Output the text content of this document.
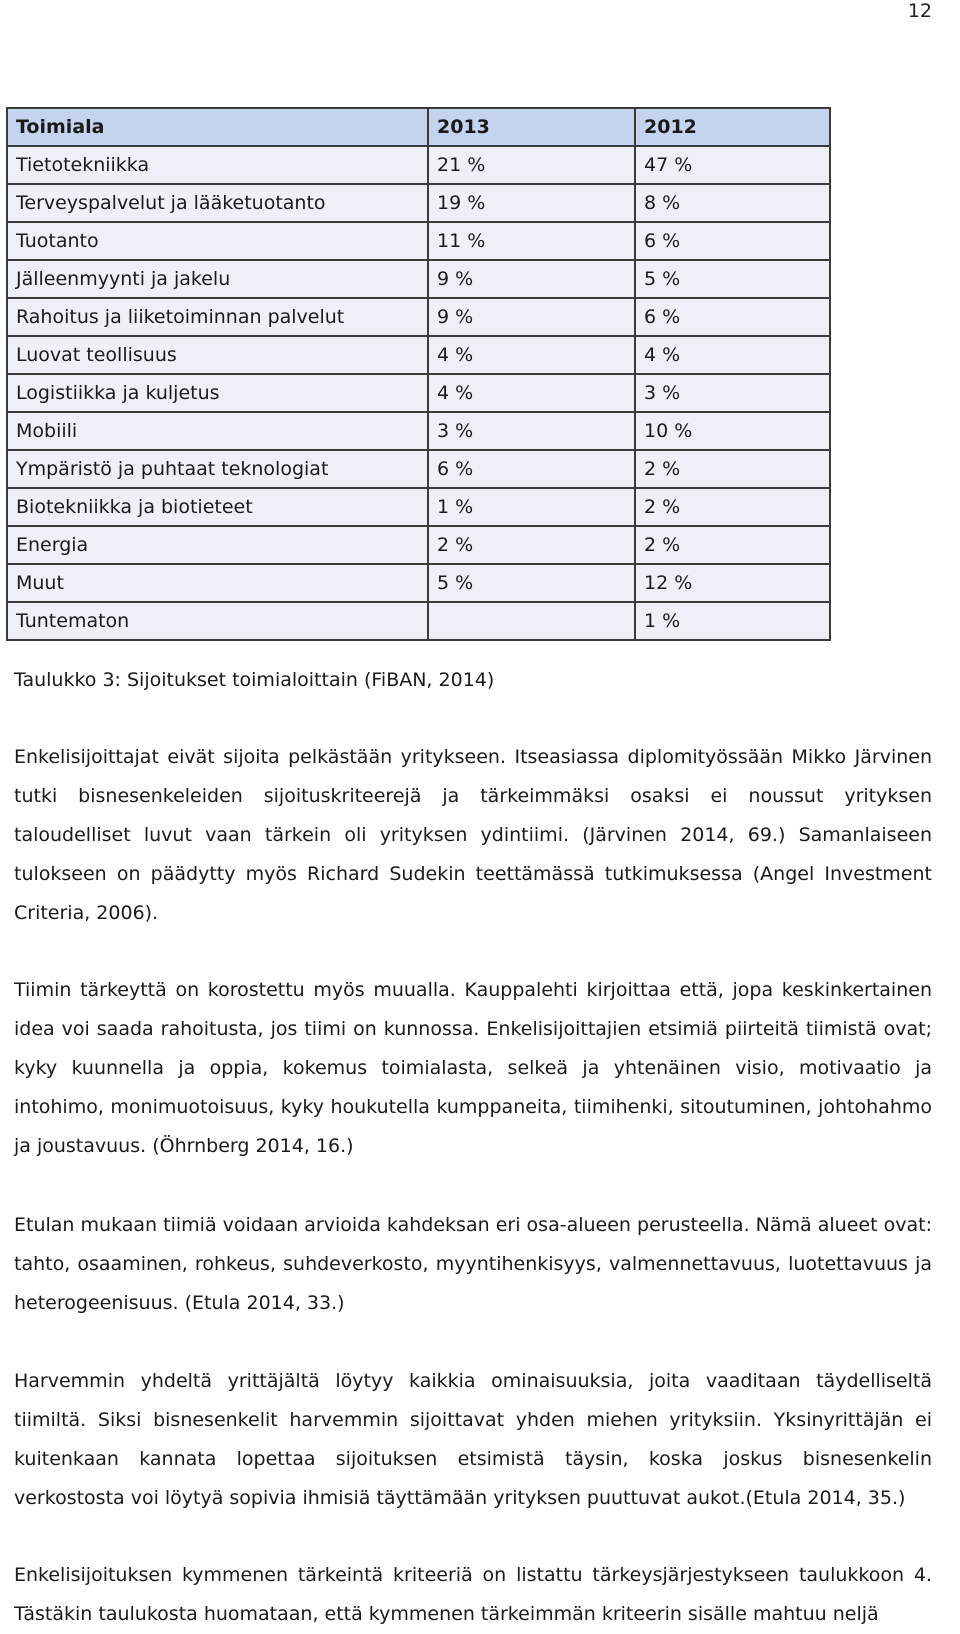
12
Toimiala	2013	2012
Tietotekniikka	21 %	47 %
Terveyspalvelut ja lääketuotanto	19 %	8 %
Tuotanto	11 %	6 %
Jälleenmyynti ja jakelu	9 %	5 %
Rahoitus ja liiketoiminnan palvelut	9 %	6 %
Luovat teollisuus	4 %	4 %
Logistiikka ja kuljetus	4 %	3 %
Mobiili	3 %	10 %
Ympäristö ja puhtaat teknologiat	6 %	2 %
Biotekniikka ja biotieteet	1 %	2 %
Energia	2 %	2 %
Muut	5 %	12 %
Tuntematon		1 %
Taulukko 3: Sijoitukset toimialoittain (FiBAN, 2014)

Enkelisijoittajat eivät sijoita pelkästään yritykseen. Itseasiassa diplomityössään Mikko Järvinen tutki bisnesenkeleiden sijoituskriteerejä ja tärkeimmäksi osaksi ei noussut yrityksen taloudelliset luvut vaan tärkein oli yrityksen ydintiimi. (Järvinen 2014, 69.) Samanlaiseen tulokseen on päädytty myös Richard Sudekin teettämässä tutkimuksessa (Angel Investment Criteria, 2006).

Tiimin tärkeyttä on korostettu myös muualla. Kauppalehti kirjoittaa että, jopa keskinkertainen idea voi saada rahoitusta, jos tiimi on kunnossa. Enkelisijoittajien etsimiä piirteitä tiimistä ovat; kyky kuunnella ja oppia, kokemus toimialasta, selkeä ja yhtenäinen visio, motivaatio ja intohimo, monimuotoisuus, kyky houkutella kumppaneita, tiimihenki, sitoutuminen, johtohahmo ja joustavuus. (Öhrnberg 2014, 16.)

Etulan mukaan tiimiä voidaan arvioida kahdeksan eri osa-alueen perusteella. Nämä alueet ovat: tahto, osaaminen, rohkeus, suhdeverkosto, myyntihenkisyys, valmennettavuus, luotettavuus ja heterogeenisuus. (Etula 2014, 33.)

Harvemmin yhdeltä yrittäjältä löytyy kaikkia ominaisuuksia, joita vaaditaan täydelliseltä tiimiltä. Siksi bisnesenkelit harvemmin sijoittavat yhden miehen yrityksiin. Yksinyrittäjän ei kuitenkaan kannata lopettaa sijoituksen etsimistä täysin, koska joskus bisnesenkelin verkostosta voi löytyä sopivia ihmisiä täyttämään yrityksen puuttuvat aukot.(Etula 2014, 35.)

Enkelisijoituksen kymmenen tärkeintä kriteeriä on listattu tärkeysjärjestykseen taulukkoon 4. Tästäkin taulukosta huomataan, että kymmenen tärkeimmän kriteerin sisälle mahtuu neljä
